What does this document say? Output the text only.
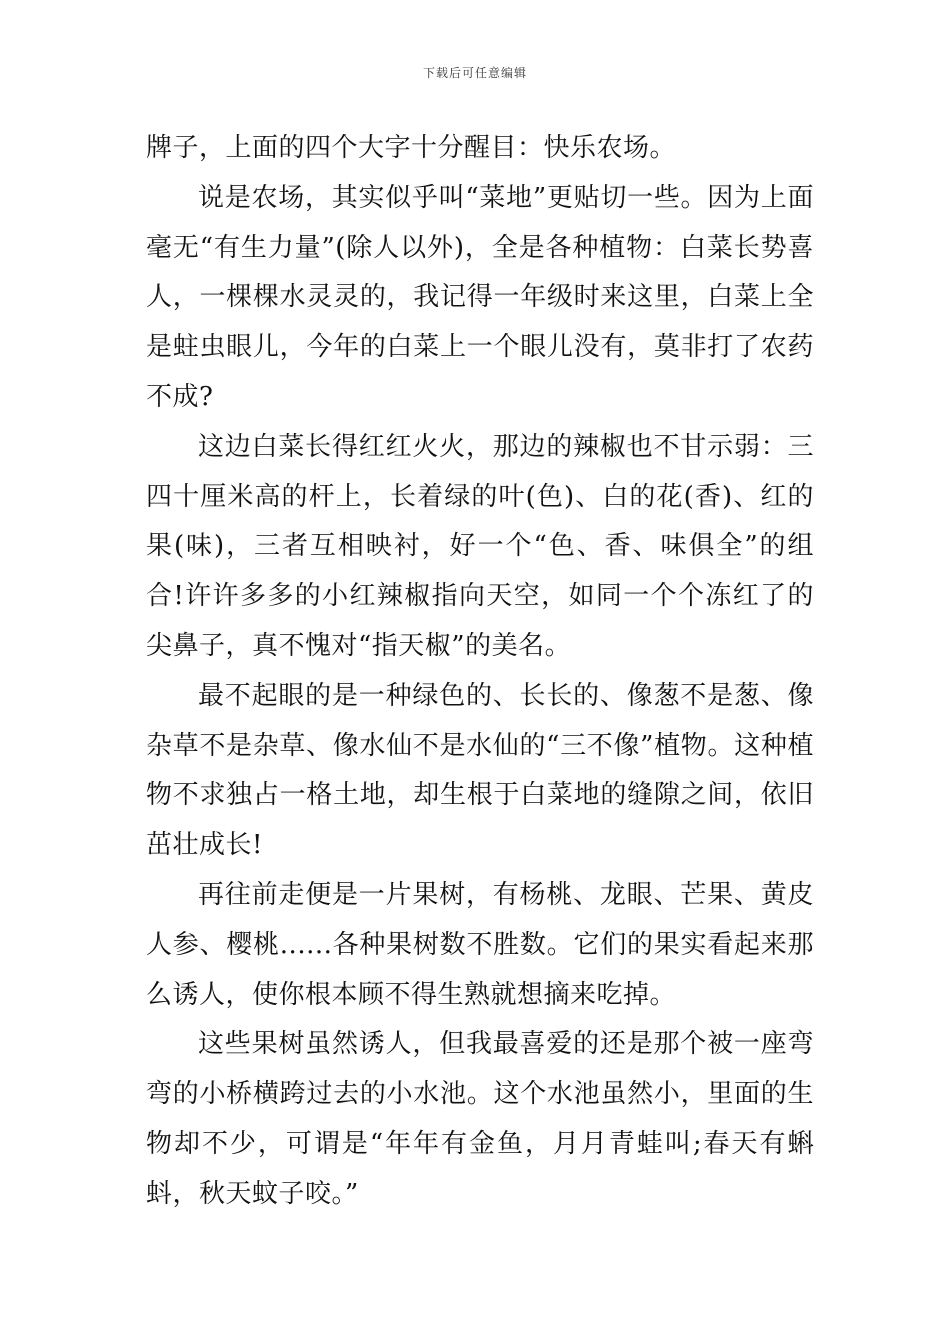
下载后可任意编辑

牌子，上面的四个大字十分醒目：快乐农场。

说是农场，其实似乎叫“菜地”更贴切一些。因为上面毫无“有生力量”(除人以外)，全是各种植物：白菜长势喜人，一棵棵水灵灵的，我记得一年级时来这里，白菜上全是蛀虫眼儿，今年的白菜上一个眼儿没有，莫非打了农药不成?

这边白菜长得红红火火，那边的辣椒也不甘示弱：三四十厘米高的杆上，长着绿的叶(色)、白的花(香)、红的果(味)，三者互相映衬，好一个“色、香、味俱全”的组合!许许多多的小红辣椒指向天空，如同一个个冻红了的尖鼻子，真不愧对“指天椒”的美名。

最不起眼的是一种绿色的、长长的、像葱不是葱、像杂草不是杂草、像水仙不是水仙的“三不像”植物。这种植物不求独占一格土地，却生根于白菜地的缝隙之间，依旧茁壮成长!

再往前走便是一片果树，有杨桃、龙眼、芒果、黄皮人参、樱桃......各种果树数不胜数。它们的果实看起来那么诱人，使你根本顾不得生熟就想摘来吃掉。

这些果树虽然诱人，但我最喜爱的还是那个被一座弯弯的小桥横跨过去的小水池。这个水池虽然小，里面的生物却不少，可谓是“年年有金鱼，月月青蛙叫;春天有蝌蚪，秋天蚊子咬。”
